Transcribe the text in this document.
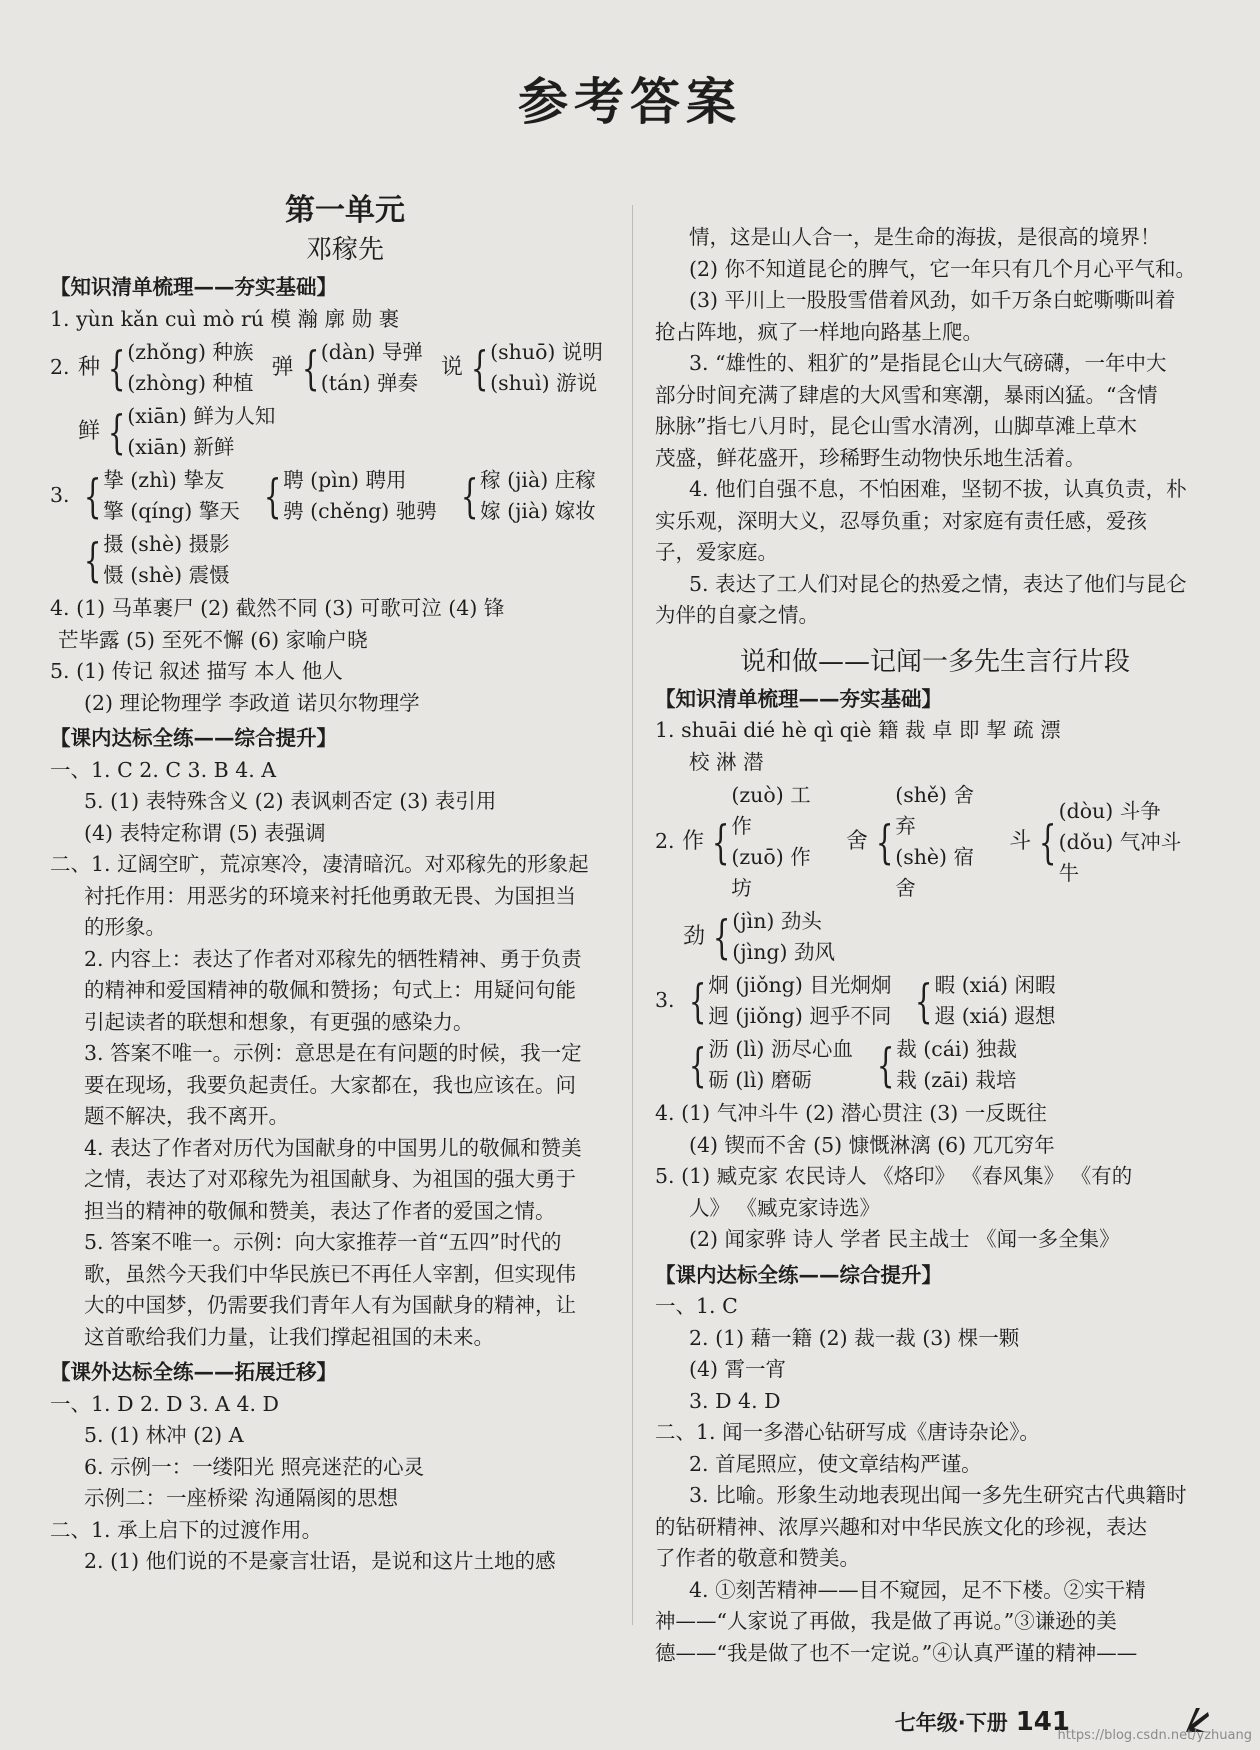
参考答案
第一单元
邓稼先
【知识清单梳理——夯实基础】
1. yùn kǎn cuì mò rú 模 瀚 廓 勋 裹
2. 种 { (zhǒng) 种族
(zhòng) 种植
弹 { (dàn) 导弹
(tán) 弹奏
说 { (shuō) 说明
(shuì) 游说
鲜 { (xiān) 鲜为人知
(xiān) 新鲜
3. { 挚 (zhì) 挚友
擎 (qíng) 擎天 { 聘 (pìn) 聘用
骋 (chěng) 驰骋 { 稼 (jià) 庄稼
嫁 (jià) 嫁妆
{ 摄 (shè) 摄影
慑 (shè) 震慑
4. (1) 马革裹尸 (2) 截然不同 (3) 可歌可泣 (4) 锋
芒毕露 (5) 至死不懈 (6) 家喻户晓
5. (1) 传记 叙述 描写 本人 他人
(2) 理论物理学 李政道 诺贝尔物理学
【课内达标全练——综合提升】
一、1. C 2. C 3. B 4. A
5. (1) 表特殊含义 (2) 表讽刺否定 (3) 表引用
(4) 表特定称谓 (5) 表强调
二、1. 辽阔空旷，荒凉寒冷，凄清暗沉。对邓稼先的形象起
衬托作用：用恶劣的环境来衬托他勇敢无畏、为国担当
的形象。
2. 内容上：表达了作者对邓稼先的牺牲精神、勇于负责
的精神和爱国精神的敬佩和赞扬；句式上：用疑问句能
引起读者的联想和想象，有更强的感染力。
3. 答案不唯一。示例：意思是在有问题的时候，我一定
要在现场，我要负起责任。大家都在，我也应该在。问
题不解决，我不离开。
4. 表达了作者对历代为国献身的中国男儿的敬佩和赞美
之情，表达了对邓稼先为祖国献身、为祖国的强大勇于
担当的精神的敬佩和赞美，表达了作者的爱国之情。
5. 答案不唯一。示例：向大家推荐一首“五四”时代的
歌，虽然今天我们中华民族已不再任人宰割，但实现伟
大的中国梦，仍需要我们青年人有为国献身的精神，让
这首歌给我们力量，让我们撑起祖国的未来。
【课外达标全练——拓展迁移】
一、1. D 2. D 3. A 4. D
5. (1) 林冲 (2) A
6. 示例一：一缕阳光 照亮迷茫的心灵
示例二：一座桥梁 沟通隔阂的思想
二、1. 承上启下的过渡作用。
2. (1) 他们说的不是豪言壮语，是说和这片土地的感
情，这是山人合一，是生命的海拔，是很高的境界！
(2) 你不知道昆仑的脾气，它一年只有几个月心平气和。
(3) 平川上一股股雪借着风劲，如千万条白蛇嘶嘶叫着
抢占阵地，疯了一样地向路基上爬。
3. “雄性的、粗犷的”是指昆仑山大气磅礴，一年中大
部分时间充满了肆虐的大风雪和寒潮，暴雨凶猛。“含情
脉脉”指七八月时，昆仑山雪水清冽，山脚草滩上草木
茂盛，鲜花盛开，珍稀野生动物快乐地生活着。
4. 他们自强不息，不怕困难，坚韧不拔，认真负责，朴
实乐观，深明大义，忍辱负重；对家庭有责任感，爱孩
子，爱家庭。
5. 表达了工人们对昆仑的热爱之情，表达了他们与昆仑
为伴的自豪之情。
说和做——记闻一多先生言行片段
【知识清单梳理——夯实基础】
1. shuāi dié hè qì qiè 籍 裁 卓 即 挈 疏 漂
校 淋 潜
2. 作 {
(zuò) 工作
(zuō) 作坊
舍 {
(shě) 舍弃
(shè) 宿舍
斗 {
(dòu) 斗争
(dǒu) 气冲斗牛
劲 { (jìn) 劲头
(jìng) 劲风
3. { 炯 (jiǒng) 目光炯炯
迥 (jiǒng) 迥乎不同 { 暇 (xiá) 闲暇
遐 (xiá) 遐想
{ 沥 (lì) 沥尽心血
砺 (lì) 磨砺	{ 裁 (cái) 独裁
栽 (zāi) 栽培
4. (1) 气冲斗牛 (2) 潜心贯注 (3) 一反既往
(4) 锲而不舍 (5) 慷慨淋漓 (6) 兀兀穷年
5. (1) 臧克家 农民诗人 《烙印》 《春风集》 《有的
人》 《臧克家诗选》
(2) 闻家骅 诗人 学者 民主战士 《闻一多全集》
【课内达标全练——综合提升】
一、1. C
2. (1) 藉一籍 (2) 裁一裁 (3) 棵一颗
(4) 霄一宵
3. D 4. D
二、1. 闻一多潜心钻研写成《唐诗杂论》。
2. 首尾照应，使文章结构严谨。
3. 比喻。形象生动地表现出闻一多先生研究古代典籍时
的钻研精神、浓厚兴趣和对中华民族文化的珍视，表达
了作者的敬意和赞美。
4. ①刻苦精神——目不窥园，足不下楼。②实干精
神——“人家说了再做，我是做了再说。”③谦逊的美
德——“我是做了也不一定说。”④认真严谨的精神——
七年级·下册 141
https://blog.csdn.net/yzhuang
